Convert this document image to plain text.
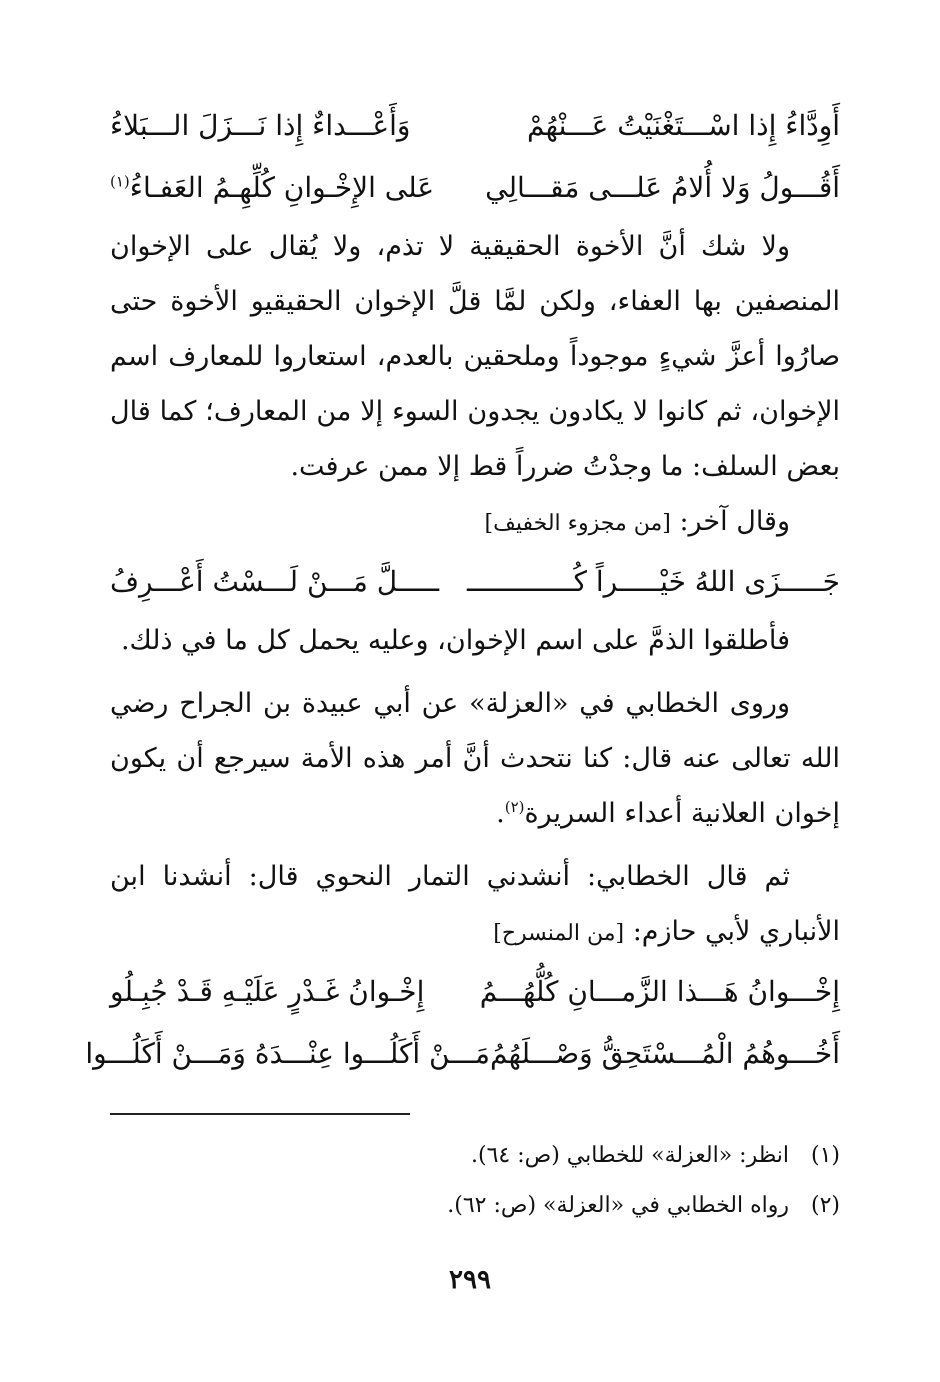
أَوِدَّاءُ إِذا اسْـــتَغْنَيْتُ عَـــنْهُمْ
وَأَعْـــداءٌ إِذا نَـــزَلَ الـــبَلاءُ
أَقُـــولُ وَلا أُلامُ عَلـــى مَقـــالِي
عَلى الإِخْـوانِ كُلِّهِـمُ العَفـاءُ$^{(١)}$

ولا شك أنَّ الأخوة الحقيقية لا تذم، ولا يُقال على الإخوان المنصفين بها العفاء، ولكن لمَّا قلَّ الإخوان الحقيقيو الأخوة حتى صارُوا أعزَّ شيءٍ موجوداً وملحقين بالعدم، استعاروا للمعارف اسم الإخوان، ثم كانوا لا يكادون يجدون السوء إلا من المعارف؛ كما قال بعض السلف: ما وجدْتُ ضرراً قط إلا ممن عرفت.

وقال آخر: [من مجزوء الخفيف]

جَـــــزَى اللهُ خَيْـــــراً كُـــــــــــــ
ـــــلَّ مَـــنْ لَـــسْتُ أَعْـــرِفُ

فأطلقوا الذمَّ على اسم الإخوان، وعليه يحمل كل ما في ذلك.

وروى الخطابي في «العزلة» عن أبي عبيدة بن الجراح رضي الله تعالى عنه قال: كنا نتحدث أنَّ أمر هذه الأمة سيرجع أن يكون إخوان العلانية أعداء السريرة$^{(٢)}$.

ثم قال الخطابي: أنشدني التمار النحوي قال: أنشدنا ابن الأنباري لأبي حازم: [من المنسرح]

إِخْـــوانُ هَـــذا الزَّمـــانِ كُلُّهُـــمُ
إِخْـوانُ غَـدْرٍ عَلَيْـهِ قَـدْ جُبِـلُو
أَخُـــوهُمُ الْمُـــسْتَحِقُّ وَصْـــلَهُمُ
مَـــنْ أَكَلُـــوا عِنْـــدَهُ وَمَـــنْ أَكَلُـــوا
(١)
انظر: «العزلة» للخطابي (ص: ٦٤).
(٢)
رواه الخطابي في «العزلة» (ص: ٦٢).
٢٩٩
